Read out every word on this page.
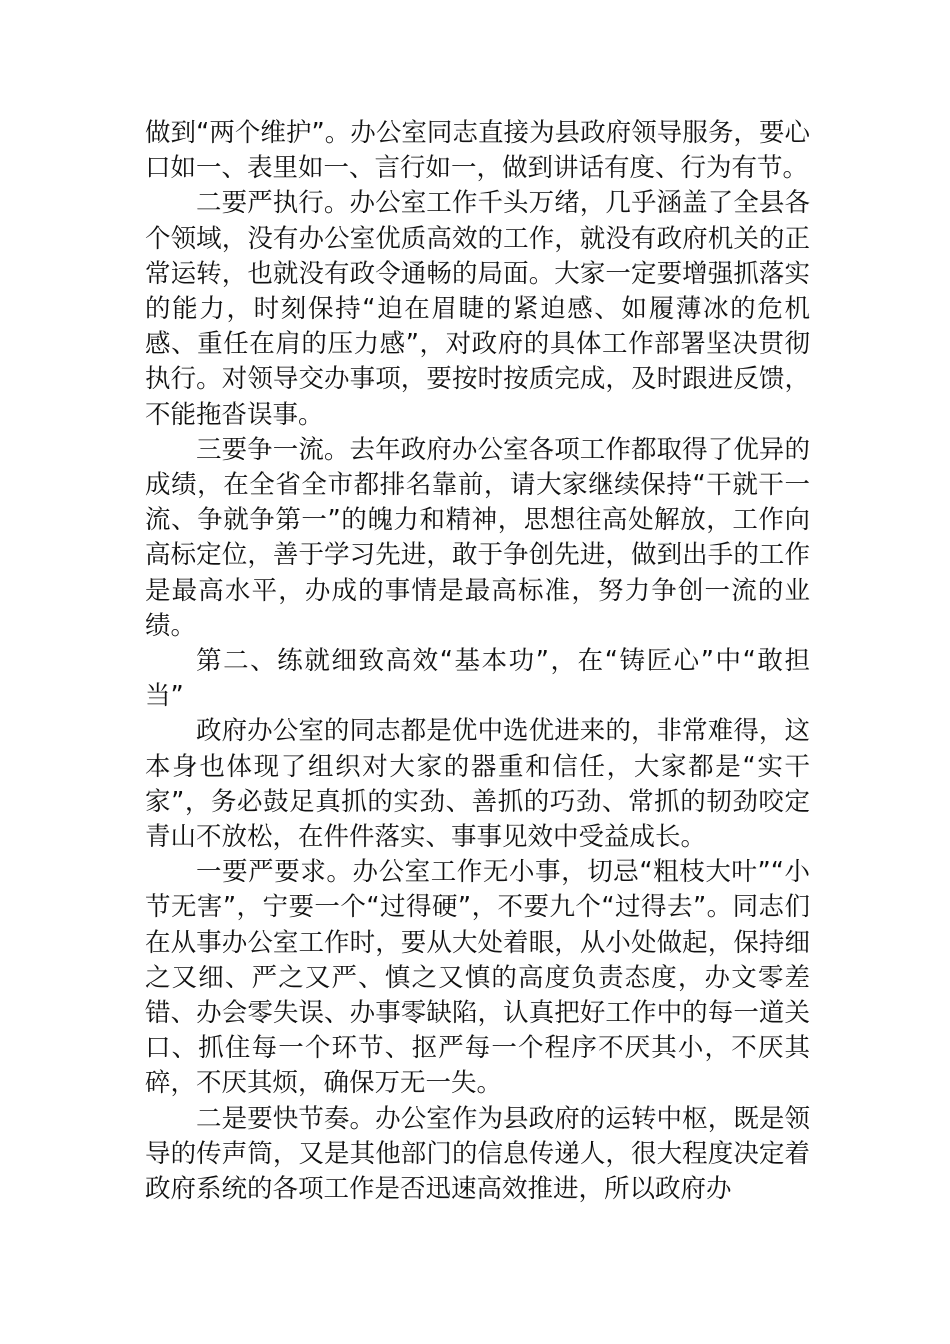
做到“两个维护”。办公室同志直接为县政府领导服务，要心口如一、表里如一、言行如一，做到讲话有度、行为有节。

二要严执行。办公室工作千头万绪，几乎涵盖了全县各个领域，没有办公室优质高效的工作，就没有政府机关的正常运转，也就没有政令通畅的局面。大家一定要增强抓落实的能力，时刻保持“迫在眉睫的紧迫感、如履薄冰的危机感、重任在肩的压力感”，对政府的具体工作部署坚决贯彻执行。对领导交办事项，要按时按质完成，及时跟进反馈，不能拖沓误事。

三要争一流。去年政府办公室各项工作都取得了优异的成绩，在全省全市都排名靠前，请大家继续保持“干就干一流、争就争第一”的魄力和精神，思想往高处解放，工作向高标定位，善于学习先进，敢于争创先进，做到出手的工作是最高水平，办成的事情是最高标准，努力争创一流的业绩。

第二、练就细致高效“基本功”，在“铸匠心”中“敢担当”

政府办公室的同志都是优中选优进来的，非常难得，这本身也体现了组织对大家的器重和信任，大家都是“实干家”，务必鼓足真抓的实劲、善抓的巧劲、常抓的韧劲咬定青山不放松，在件件落实、事事见效中受益成长。

一要严要求。办公室工作无小事，切忌“粗枝大叶”“小节无害”，宁要一个“过得硬”，不要九个“过得去”。同志们在从事办公室工作时，要从大处着眼，从小处做起，保持细之又细、严之又严、慎之又慎的高度负责态度，办文零差错、办会零失误、办事零缺陷，认真把好工作中的每一道关口、抓住每一个环节、抠严每一个程序不厌其小，不厌其碎，不厌其烦，确保万无一失。

二是要快节奏。办公室作为县政府的运转中枢，既是领导的传声筒，又是其他部门的信息传递人，很大程度决定着政府系统的各项工作是否迅速高效推进，所以政府办
